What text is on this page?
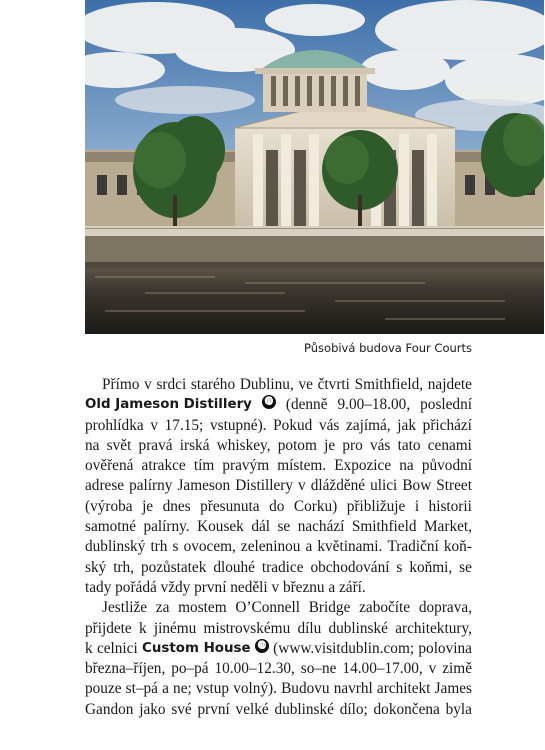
Působivá budova Four Courts
Přímo v srdci starého Dublinu, ve čtvrti Smithfield, najdete
Old Jameson Distillery	⓳ (denně 9.00–18.00, poslední
prohlídka v 17.15; vstupné). Pokud vás zajímá, jak přichází
na svět pravá irská whiskey, potom je pro vás tato cenami
ověřená atrakce tím pravým místem. Expozice na původní
adrese palírny Jameson Distillery v dlážděné ulici Bow Street
(výroba je dnes přesunuta do Corku) přibližuje i historii
samotné palírny. Kousek dál se nachází Smithfield Market,
dublinský trh s ovocem, zeleninou a květinami. Tradiční koň-
ský trh, pozůstatek dlouhé tradice obchodování s koňmi, se
tady pořádá vždy první neděli v březnu a září.
Jestliže za mostem O’Connell Bridge zabočíte doprava,
přijdete k jinému mistrovskému dílu dublinské architektury,
k celnici Custom House ⓴ (www.visitdublin.com; polovina
března–říjen, po–pá 10.00–12.30, so–ne 14.00–17.00, v zimě
pouze st–pá a ne; vstup volný). Budovu navrhl architekt James
Gandon jako své první velké dublinské dílo; dokončena byla
